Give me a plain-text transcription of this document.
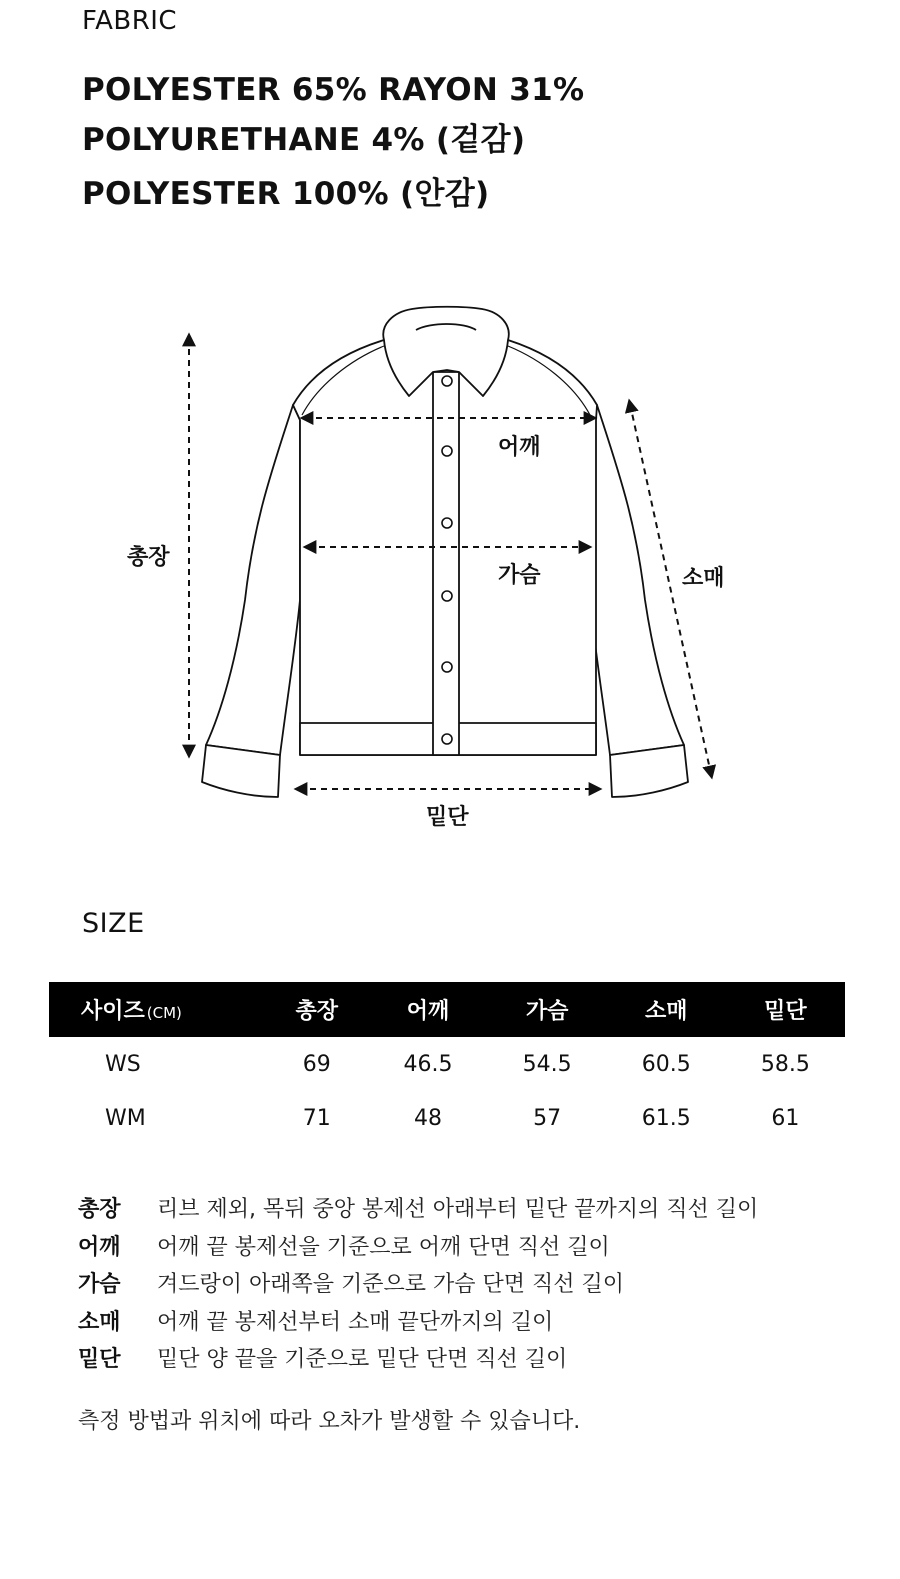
FABRIC
POLYESTER 65% RAYON 31%
POLYURETHANE 4% (겉감)
POLYESTER 100% (안감)
총장
어깨
가슴	소매
밑단
SIZE
사이즈 (CM)	총장	어깨	가슴	소매	밑단
WS	69	46.5	54.5	60.5	58.5
WM	71	48	57	61.5	61
총장	리브 제외, 목뒤 중앙 봉제선 아래부터 밑단 끝까지의 직선 길이
어깨	어깨 끝 봉제선을 기준으로 어깨 단면 직선 길이
가슴	겨드랑이 아래쪽을 기준으로 가슴 단면 직선 길이
소매	어깨 끝 봉제선부터 소매 끝단까지의 길이
밑단	밑단 양 끝을 기준으로 밑단 단면 직선 길이
측정 방법과 위치에 따라 오차가 발생할 수 있습니다.
